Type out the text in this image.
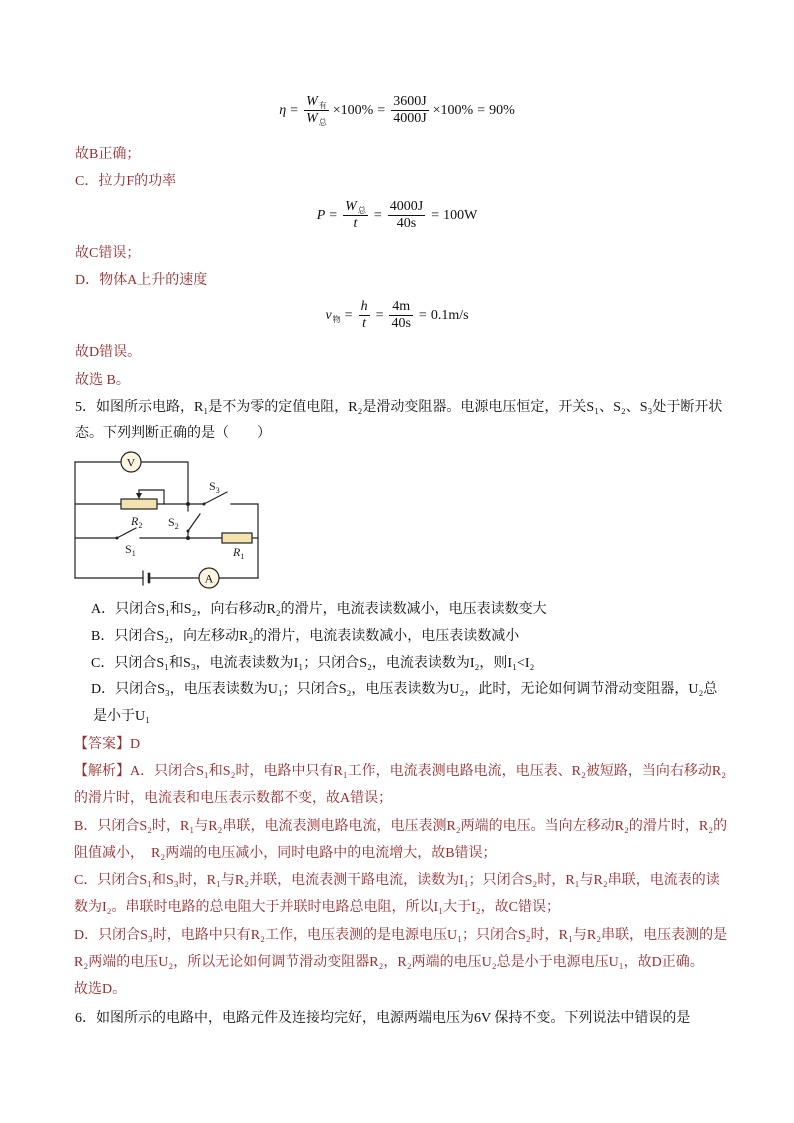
$\eta = \frac{W_有}{W_总} \times 100\% = \frac{3600J}{4000J} \times 100\% = 90\%$
故B正确；
C．拉力F的功率
$P = \frac{W_总}{t} = \frac{4000J}{40s} = 100W$
故C错误；
D．物体A上升的速度
$v_物 = \frac{h}{t} = \frac{4m}{40s} = 0.1m/s$
故D错误。
故选 B。
5．如图所示电路，R₁是不为零的定值电阻，R₂是滑动变阻器。电源电压恒定，开关S₁、S₂、S₃处于断开状
态。下列判断正确的是（　　）
V
A
$S_3$
$R_2$ $S_2$
$S_1$	$R_1$
A．只闭合S₁和S₂，向右移动R₂的滑片，电流表读数减小，电压表读数变大
B．只闭合S₂，向左移动R₂的滑片，电流表读数减小，电压表读数减小
C．只闭合S₁和S₃，电流表读数为I₁；只闭合S₂，电流表读数为I₂，则I₁<I₂
D．只闭合S₃，电压表读数为U₁；只闭合S₂，电压表读数为U₂，此时，无论如何调节滑动变阻器，U₂总
是小于U₁
【答案】D
【解析】A．只闭合S₁和S₂时，电路中只有R₁工作，电流表测电路电流，电压表、R₂被短路，当向右移动R₂
的滑片时，电流表和电压表示数都不变，故A错误；
B．只闭合S₂时，R₁与R₂串联，电流表测电路电流，电压表测R₂两端的电压。当向左移动R₂的滑片时，R₂的
阻值减小，　R₂两端的电压减小，同时电路中的电流增大，故B错误；
C．只闭合S₁和S₃时，R₁与R₂并联，电流表测干路电流，读数为I₁；只闭合S₂时，R₁与R₂串联，电流表的读
数为I₂。串联时电路的总电阻大于并联时电路总电阻，所以I₁大于I₂，故C错误；
D．只闭合S₃时，电路中只有R₂工作，电压表测的是电源电压U₁；只闭合S₂时，R₁与R₂串联，电压表测的是
R₂两端的电压U₂，所以无论如何调节滑动变阻器R₂，R₂两端的电压U₂总是小于电源电压U₁，故D正确。
故选D。
6．如图所示的电路中，电路元件及连接均完好，电源两端电压为6V 保持不变。下列说法中错误的是
